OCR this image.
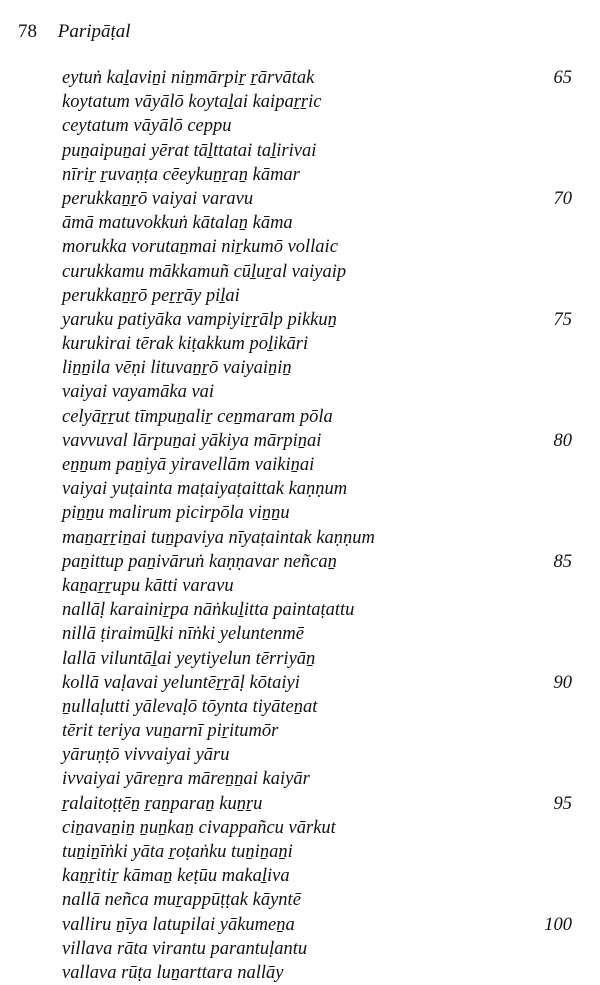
78 Paripāṭal
eytuṅ kaḻaviṉi niṉmārpiṟ ṟārvātak	65
koytatum vāyālō koytaḻai kaipaṟṟic
ceytatum vāyālō ceppu
puṉaipuṉai yērat tāḻttatai taḻirivai
nīriṟ ṟuvaṇṭa cēeykuṉṟaṉ kāmar
perukkaṉṟō vaiyai varavu	70
āmā matuvokkuṅ kātalaṉ kāma
morukka vorutaṉmai niṟkumō vollaic
curukkamu mākkamuñ cūḻuṟal vaiyaip
perukkaṉṟō peṟṟāy piḻai
yaruku patiyāka vampiyiṟṟālp pikkuṉ	75
kurukirai tērak kiṭakkum poḻikāri
liṉṉila vēṇi lituvaṉṟō vaiyaiṉiṉ
vaiyai vayamāka vai
celyāṟṟut tīmpuṉaliṟ ceṉmaram pōla
vavvuval lārpuṉai yākiya mārpiṉai	80
eṉṉum paṉiyā yiravellām vaikiṉai
vaiyai yuṭainta maṭaiyaṭaittak kaṇṇum
piṉṉu malirum picirpōla viṉṉu
maṉaṟṟiṉai tuṉpaviya nīyaṭaintak kaṇṇum
paṉittup paṉivāruṅ kaṇṇavar neñcaṉ	85
kaṉaṟṟupu kātti varavu
nallāḷ karainiṟpa nāṅkuḻitta paintaṭattu
nillā ṭiraimūḻki nīṅki yeluntenmē
lallā viluntāḻai yeytiyelun tērriyāṉ
kollā vaḷavai yeluntēṟṟāḷ kōtaiyi	90
ṉullaḷutti yālevaḷō tōynta tiyāteṉat
tērit teriya vuṉarnī piṟitumōr
yāruṇṭō vivvaiyai yāru
ivvaiyai yāreṉra māreṉṉai kaiyār
ṟalaitoṭṭēṉ ṟaṉparaṉ kuṉṟu	95
ciṉavaṉiṉ ṉuṉkaṉ civappañcu vārkut
tuṉiṉīṅki yāta ṟoṭaṅku tuṉiṉaṉi
kaṉṟitiṟ kāmaṉ keṭūu makaḻiva
nallā neñca muṟappūṭṭak kāyntē
valliru ṉīya latupilai yākumeṉa	100
villava rāta virantu parantuḷantu
vallava rūṭa luṉarttara nallāy
